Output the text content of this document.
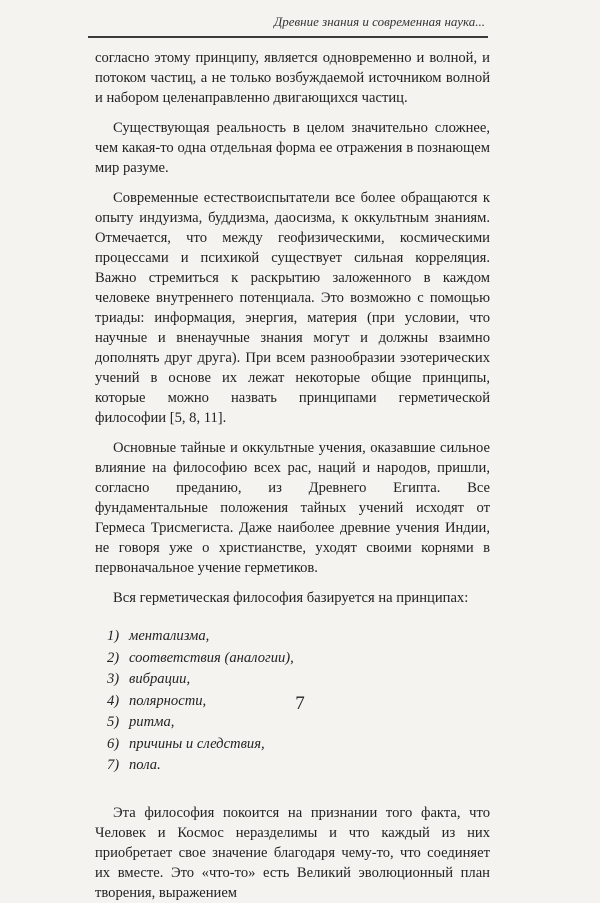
Древние знания и современная наука...

согласно этому принципу, является одновременно и волной, и потоком частиц, а не только возбуждаемой источником волной и набором целенаправленно двигающихся частиц.

Существующая реальность в целом значительно сложнее, чем какая-то одна отдельная форма ее отражения в познающем мир разуме.

Современные естествоиспытатели все более обращаются к опыту индуизма, буддизма, даосизма, к оккультным знаниям. Отмечается, что между геофизическими, космическими процессами и психикой существует сильная корреляция. Важно стремиться к раскрытию заложенного в каждом человеке внутреннего потенциала. Это возможно с помощью триады: информация, энергия, материя (при условии, что научные и вненаучные знания могут и должны взаимно дополнять друг друга). При всем разнообразии эзотерических учений в основе их лежат некоторые общие принципы, которые можно назвать принципами герметической философии [5, 8, 11].

Основные тайные и оккультные учения, оказавшие сильное влияние на философию всех рас, наций и народов, пришли, согласно преданию, из Древнего Египта. Все фундаментальные положения тайных учений исходят от Гермеса Трисмегиста. Даже наиболее древние учения Индии, не говоря уже о христианстве, уходят своими корнями в первоначальное учение герметиков.

Вся герметическая философия базируется на принципах:

1) ментализма,
2) соответствия (аналогии),
3) вибрации,
4) полярности,
5) ритма,
6) причины и следствия,
7) пола.

Эта философия покоится на признании того факта, что Человек и Космос неразделимы и что каждый из них приобретает свое значение благодаря чему-то, что соединяет их вместе. Это «что-то» есть Великий эволюционный план творения, выражением

7
